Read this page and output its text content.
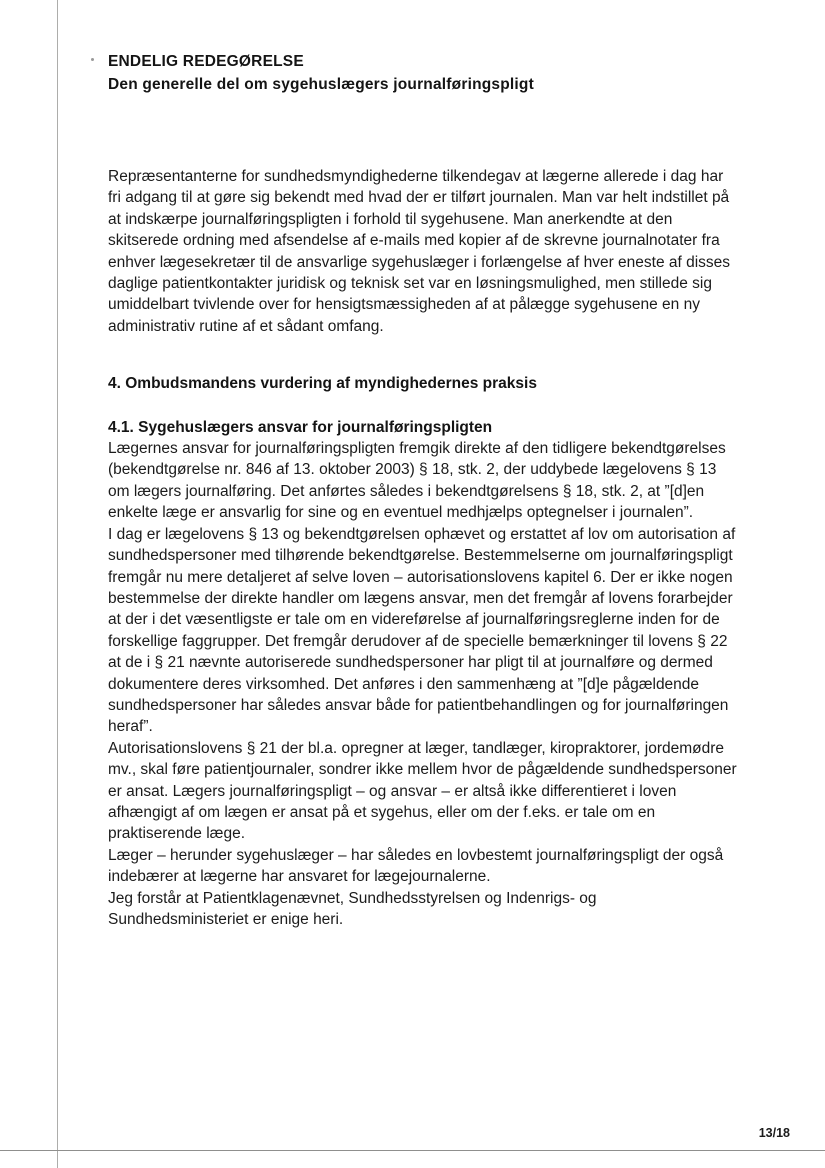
ENDELIG REDEGØRELSE
Den generelle del om sygehuslægers journalføringspligt

Repræsentanterne for sundhedsmyndighederne tilkendegav at lægerne allerede i dag har fri adgang til at gøre sig bekendt med hvad der er tilført journalen. Man var helt indstillet på at indskærpe journalføringspligten i forhold til sygehusene. Man anerkendte at den skitserede ordning med afsendelse af e-mails med kopier af de skrevne journalnotater fra enhver lægesekretær til de ansvarlige sygehuslæger i forlængelse af hver eneste af disses daglige patientkontakter juridisk og teknisk set var en løsningsmulighed, men stillede sig umiddelbart tvivlende over for hensigtsmæssigheden af at pålægge sygehusene en ny administrativ rutine af et sådant omfang.

4. Ombudsmandens vurdering af myndighedernes praksis
4.1. Sygehuslægers ansvar for journalføringspligten

Lægernes ansvar for journalføringspligten fremgik direkte af den tidligere bekendtgørelses (bekendtgørelse nr. 846 af 13. oktober 2003) § 18, stk. 2, der uddybede lægelovens § 13 om lægers journalføring. Det anførtes således i bekendtgørelsens § 18, stk. 2, at ”[d]en enkelte læge er ansvarlig for sine og en eventuel medhjælps optegnelser i journalen”.

I dag er lægelovens § 13 og bekendtgørelsen ophævet og erstattet af lov om autorisation af sundhedspersoner med tilhørende bekendtgørelse. Bestemmelserne om journalføringspligt fremgår nu mere detaljeret af selve loven – autorisationslovens kapitel 6. Der er ikke nogen bestemmelse der direkte handler om lægens ansvar, men det fremgår af lovens forarbejder at der i det væsentligste er tale om en videreførelse af journalføringsreglerne inden for de forskellige faggrupper. Det fremgår derudover af de specielle bemærkninger til lovens § 22 at de i § 21 nævnte autoriserede sundhedspersoner har pligt til at journalføre og dermed dokumentere deres virksomhed. Det anføres i den sammenhæng at ”[d]e pågældende sundhedspersoner har således ansvar både for patientbehandlingen og for journalføringen heraf”.

Autorisationslovens § 21 der bl.a. opregner at læger, tandlæger, kiropraktorer, jordemødre mv., skal føre patientjournaler, sondrer ikke mellem hvor de pågældende sundhedspersoner er ansat. Lægers journalføringspligt – og ansvar – er altså ikke differentieret i loven afhængigt af om lægen er ansat på et sygehus, eller om der f.eks. er tale om en praktiserende læge.

Læger – herunder sygehuslæger – har således en lovbestemt journalføringspligt der også indebærer at lægerne har ansvaret for lægejournalerne.

Jeg forstår at Patientklagenævnet, Sundhedsstyrelsen og Indenrigs- og Sundhedsministeriet er enige heri.

13/18
